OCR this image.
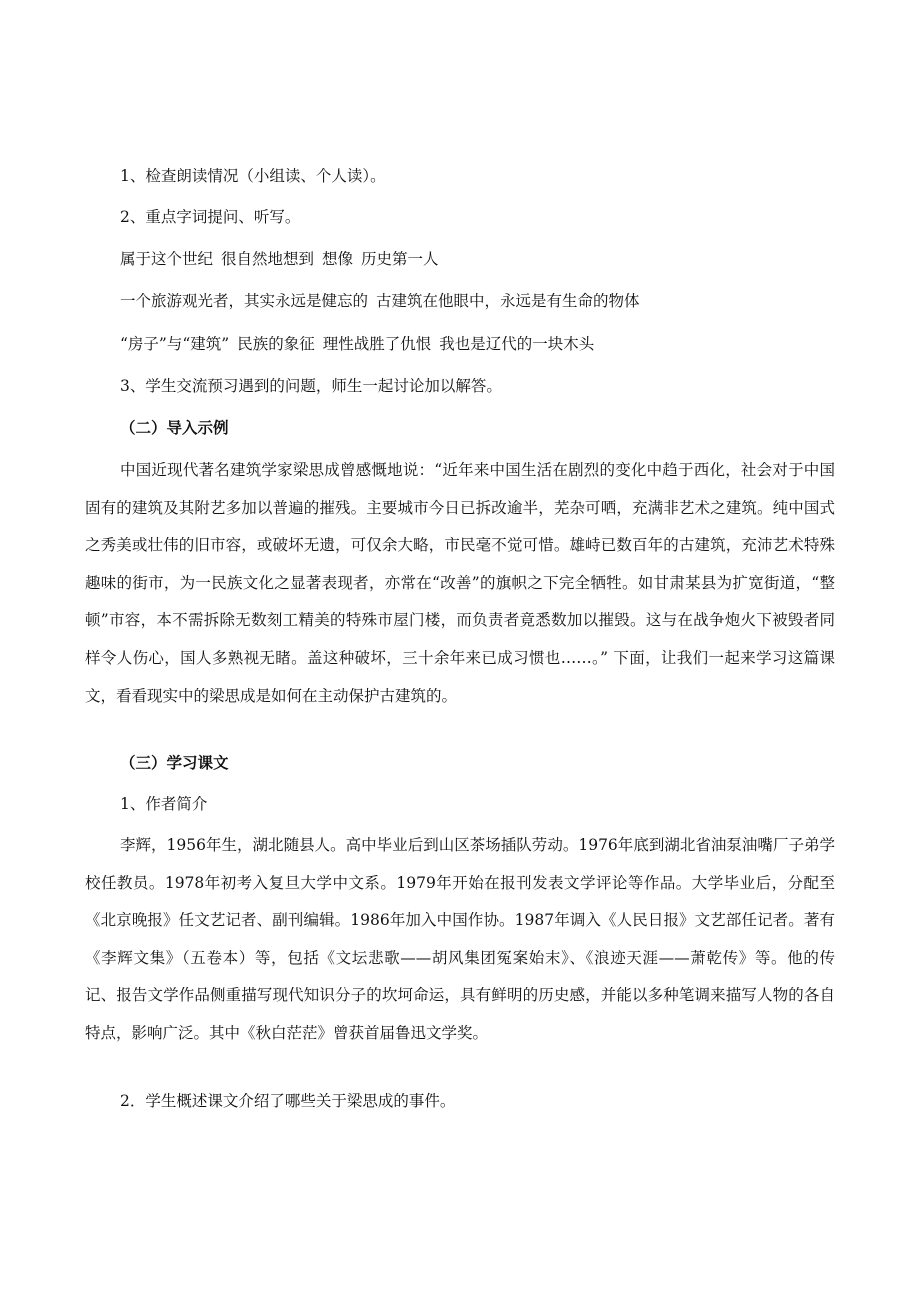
1、检查朗读情况（小组读、个人读）。
2、重点字词提问、听写。
属于这个世纪 很自然地想到 想像 历史第一人
一个旅游观光者，其实永远是健忘的 古建筑在他眼中，永远是有生命的物体
“房子”与“建筑” 民族的象征 理性战胜了仇恨 我也是辽代的一块木头
3、学生交流预习遇到的问题，师生一起讨论加以解答。
（二）导入示例

中国近现代著名建筑学家梁思成曾感慨地说：“近年来中国生活在剧烈的变化中趋于西化，社会对于中国固有的建筑及其附艺多加以普遍的摧残。主要城市今日已拆改逾半，芜杂可哂，充满非艺术之建筑。纯中国式之秀美或壮伟的旧市容，或破坏无遗，可仅余大略，市民毫不觉可惜。雄峙已数百年的古建筑，充沛艺术特殊趣味的街市，为一民族文化之显著表现者，亦常在“改善”的旗帜之下完全牺牲。如甘肃某县为扩宽街道，“整顿”市容，本不需拆除无数刻工精美的特殊市屋门楼，而负责者竟悉数加以摧毁。这与在战争炮火下被毁者同样令人伤心，国人多熟视无睹。盖这种破坏，三十余年来已成习惯也……。” 下面，让我们一起来学习这篇课文，看看现实中的梁思成是如何在主动保护古建筑的。

（三）学习课文
1、作者简介

李辉，1956年生，湖北随县人。高中毕业后到山区茶场插队劳动。1976年底到湖北省油泵油嘴厂子弟学校任教员。1978年初考入复旦大学中文系。1979年开始在报刊发表文学评论等作品。大学毕业后，分配至《北京晚报》任文艺记者、副刊编辑。1986年加入中国作协。1987年调入《人民日报》文艺部任记者。著有《李辉文集》（五卷本）等，包括《文坛悲歌——胡风集团冤案始末》、《浪迹天涯——萧乾传》等。他的传记、报告文学作品侧重描写现代知识分子的坎坷命运，具有鲜明的历史感，并能以多种笔调来描写人物的各自特点，影响广泛。其中《秋白茫茫》曾获首届鲁迅文学奖。

2．学生概述课文介绍了哪些关于梁思成的事件。
